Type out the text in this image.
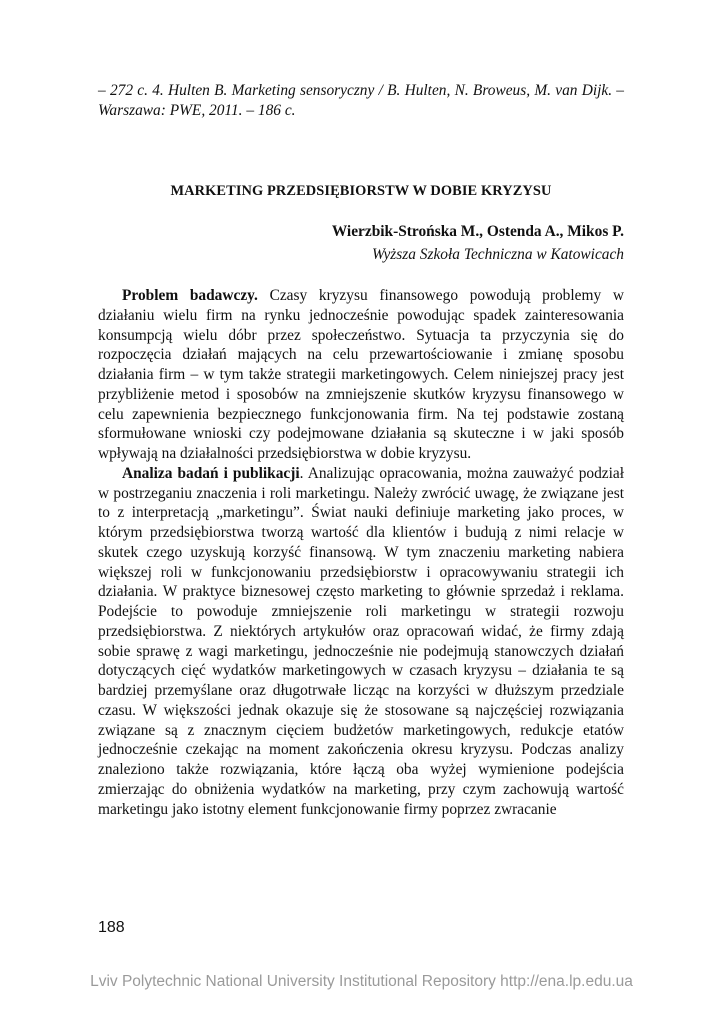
– 272 с. 4. Hulten B. Marketing sensoryczny / B. Hulten, N. Broweus, M. van Dijk. – Warszawa: PWE, 2011. – 186 с.
MARKETING PRZEDSIĘBIORSTW W DOBIE KRYZYSU
Wierzbik-Strońska M., Ostenda A., Mikos P.
Wyższa Szkoła Techniczna w Katowicach

Problem badawczy. Czasy kryzysu finansowego powodują problemy w działaniu wielu firm na rynku jednocześnie powodując spadek zainteresowania konsumpcją wielu dóbr przez społeczeństwo. Sytuacja ta przyczynia się do rozpoczęcia działań mających na celu przewartościowanie i zmianę sposobu działania firm – w tym także strategii marketingowych. Celem niniejszej pracy jest przybliżenie metod i sposobów na zmniejszenie skutków kryzysu finansowego w celu zapewnienia bezpiecznego funkcjonowania firm. Na tej podstawie zostaną sformułowane wnioski czy podejmowane działania są skuteczne i w jaki sposób wpływają na działalności przedsiębiorstwa w dobie kryzysu.

Analiza badań i publikacji. Analizując opracowania, można zauważyć podział w postrzeganiu znaczenia i roli marketingu. Należy zwrócić uwagę, że związane jest to z interpretacją „marketingu”. Świat nauki definiuje marketing jako proces, w którym przedsiębiorstwa tworzą wartość dla klientów i budują z nimi relacje w skutek czego uzyskują korzyść finansową. W tym znaczeniu marketing nabiera większej roli w funkcjonowaniu przedsiębiorstw i opracowywaniu strategii ich działania. W praktyce biznesowej często marketing to głównie sprzedaż i reklama. Podejście to powoduje zmniejszenie roli marketingu w strategii rozwoju przedsiębiorstwa. Z niektórych artykułów oraz opracowań widać, że firmy zdają sobie sprawę z wagi marketingu, jednocześnie nie podejmują stanowczych działań dotyczących cięć wydatków marketingowych w czasach kryzysu – działania te są bardziej przemyślane oraz długotrwałe licząc na korzyści w dłuższym przedziale czasu. W większości jednak okazuje się że stosowane są najczęściej rozwiązania związane są z znacznym cięciem budżetów marketingowych, redukcje etatów jednocześnie czekając na moment zakończenia okresu kryzysu. Podczas analizy znaleziono także rozwiązania, które łączą oba wyżej wymienione podejścia zmierzając do obniżenia wydatków na marketing, przy czym zachowują wartość marketingu jako istotny element funkcjonowanie firmy poprzez zwracanie

188
Lviv Polytechnic National University Institutional Repository http://ena.lp.edu.ua
